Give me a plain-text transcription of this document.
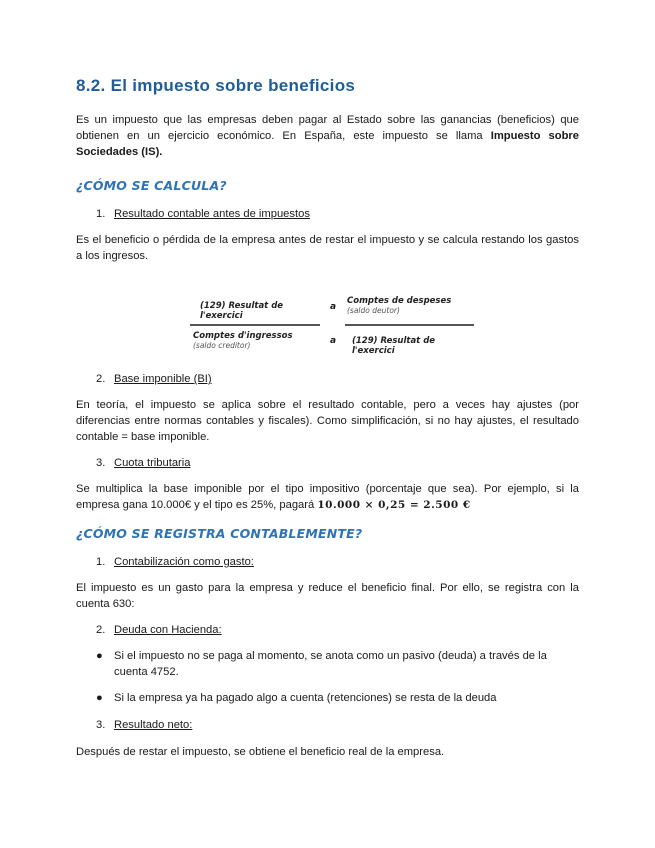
8.2. El impuesto sobre beneficios

Es un impuesto que las empresas deben pagar al Estado sobre las ganancias (beneficios) que obtienen en un ejercicio económico. En España, este impuesto se llama Impuesto sobre Sociedades (IS).

¿CÓMO SE CALCULA?
1. Resultado contable antes de impuestos

Es el beneficio o pérdida de la empresa antes de restar el impuesto y se calcula restando los gastos a los ingresos.

(129) Resultat de l'exercici
a
Comptes de despeses (saldo deutor)
Comptes d'ingressos (saldo creditor)	a (129) Resultat de l'exercici
2. Base imponible (BI)

En teoría, el impuesto se aplica sobre el resultado contable, pero a veces hay ajustes (por diferencias entre normas contables y fiscales). Como simplificación, si no hay ajustes, el resultado contable = base imponible.

3. Cuota tributaria

Se multiplica la base imponible por el tipo impositivo (porcentaje que sea). Por ejemplo, si la empresa gana 10.000€ y el tipo es 25%, pagará 10.000 × 0,25 = 2.500 €

¿CÓMO SE REGISTRA CONTABLEMENTE?
1. Contabilización como gasto:

El impuesto es un gasto para la empresa y reduce el beneficio final. Por ello, se registra con la cuenta 630:

2. Deuda con Hacienda:
● Si el impuesto no se paga al momento, se anota como un pasivo (deuda) a través de la cuenta 4752.
● Si la empresa ya ha pagado algo a cuenta (retenciones) se resta de la deuda
3. Resultado neto:

Después de restar el impuesto, se obtiene el beneficio real de la empresa.
